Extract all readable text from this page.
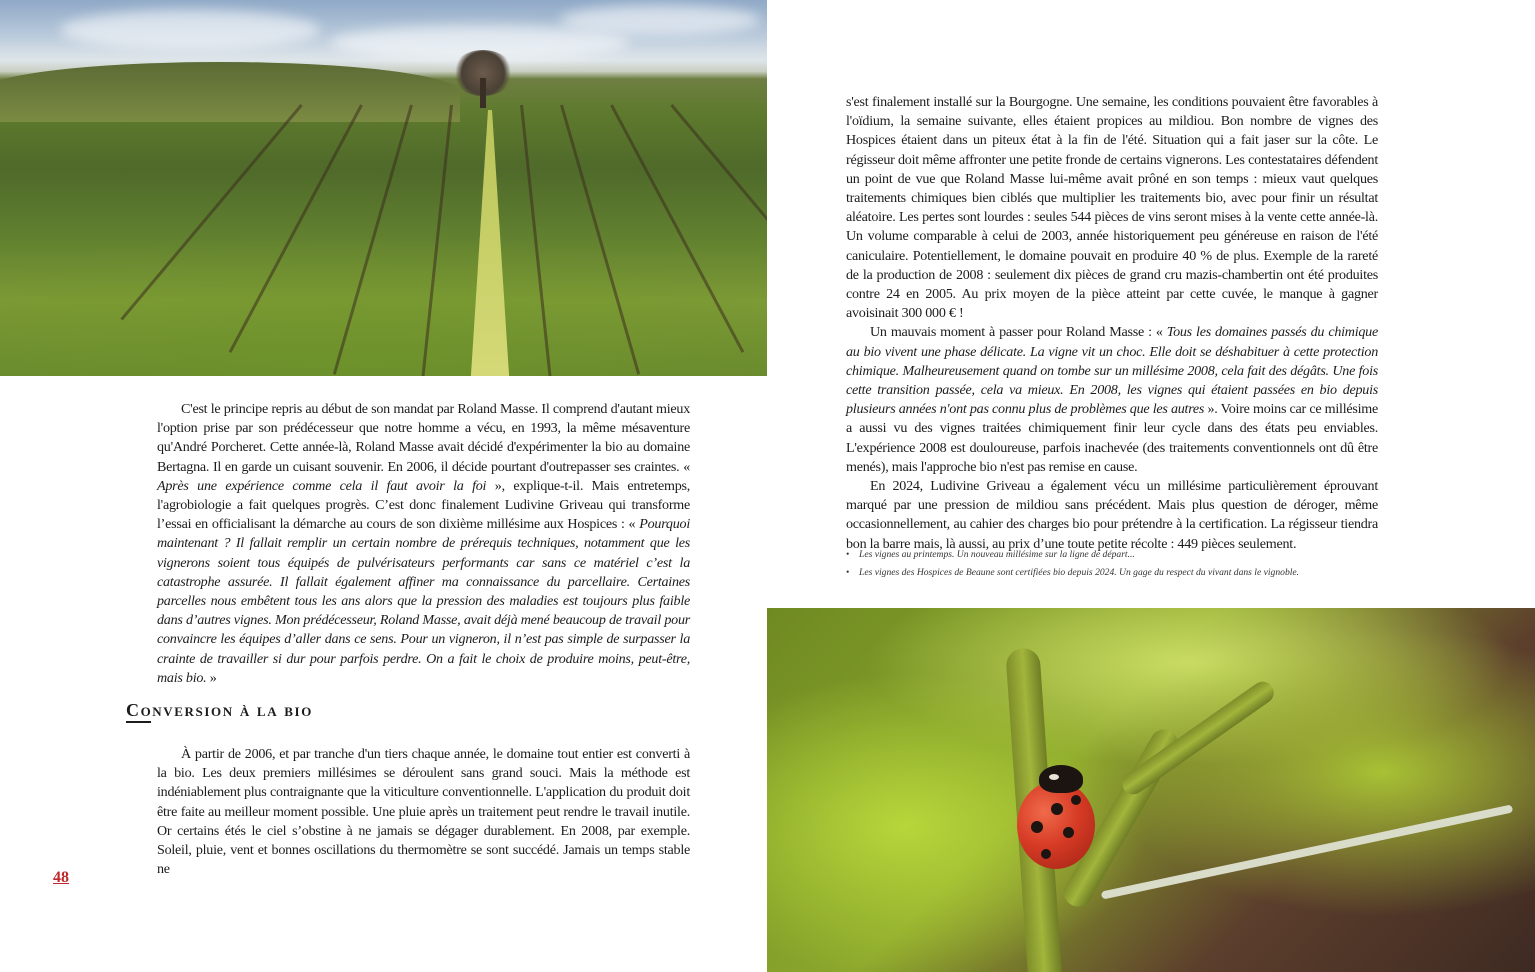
C'est le principe repris au début de son mandat par Roland Masse. Il comprend d'autant mieux l'option prise par son prédécesseur que notre homme a vécu, en 1993, la même mésaventure qu'André Porcheret. Cette année-là, Roland Masse avait décidé d'expérimenter la bio au domaine Bertagna. Il en garde un cuisant souvenir. En 2006, il décide pourtant d'outrepasser ses craintes. « Après une expérience comme cela il faut avoir la foi », explique-t-il. Mais entretemps, l'agrobiologie a fait quelques progrès. C’est donc finalement Ludivine Griveau qui transforme l’essai en officialisant la démarche au cours de son dixième millésime aux Hospices : « Pourquoi maintenant ? Il fallait remplir un certain nombre de prérequis techniques, notamment que les vignerons soient tous équipés de pulvérisateurs performants car sans ce matériel c’est la catastrophe assurée. Il fallait également affiner ma connaissance du parcellaire. Certaines parcelles nous embêtent tous les ans alors que la pression des maladies est toujours plus faible dans d’autres vignes. Mon prédécesseur, Roland Masse, avait déjà mené beaucoup de travail pour convaincre les équipes d’aller dans ce sens. Pour un vigneron, il n’est pas simple de surpasser la crainte de travailler si dur pour parfois perdre. On a fait le choix de produire moins, peut-être, mais bio. »

Conversion à la bio

À partir de 2006, et par tranche d'un tiers chaque année, le domaine tout entier est converti à la bio. Les deux premiers millésimes se déroulent sans grand souci. Mais la méthode est indéniablement plus contraignante que la viticulture conventionnelle. L'application du produit doit être faite au meilleur moment possible. Une pluie après un traitement peut rendre le travail inutile. Or certains étés le ciel s’obstine à ne jamais se dégager durablement. En 2008, par exemple. Soleil, pluie, vent et bonnes oscillations du thermomètre se sont succédé. Jamais un temps stable ne

48

s'est finalement installé sur la Bourgogne. Une semaine, les conditions pouvaient être favorables à l'oïdium, la semaine suivante, elles étaient propices au mildiou. Bon nombre de vignes des Hospices étaient dans un piteux état à la fin de l'été. Situation qui a fait jaser sur la côte. Le régisseur doit même affronter une petite fronde de certains vignerons. Les contestataires défendent un point de vue que Roland Masse lui-même avait prôné en son temps : mieux vaut quelques traitements chimiques bien ciblés que multiplier les traitements bio, avec pour finir un résultat aléatoire. Les pertes sont lourdes : seules 544 pièces de vins seront mises à la vente cette année-là. Un volume comparable à celui de 2003, année historiquement peu généreuse en raison de l'été caniculaire. Potentiellement, le domaine pouvait en produire 40 % de plus. Exemple de la rareté de la production de 2008 : seulement dix pièces de grand cru mazis-chambertin ont été produites contre 24 en 2005. Au prix moyen de la pièce atteint par cette cuvée, le manque à gagner avoisinait 300 000 € !

Un mauvais moment à passer pour Roland Masse : « Tous les domaines passés du chimique au bio vivent une phase délicate. La vigne vit un choc. Elle doit se déshabituer à cette protection chimique. Malheureusement quand on tombe sur un millésime 2008, cela fait des dégâts. Une fois cette transition passée, cela va mieux. En 2008, les vignes qui étaient passées en bio depuis plusieurs années n'ont pas connu plus de problèmes que les autres ». Voire moins car ce millésime a aussi vu des vignes traitées chimiquement finir leur cycle dans des états peu enviables. L'expérience 2008 est douloureuse, parfois inachevée (des traitements conventionnels ont dû être menés), mais l'approche bio n'est pas remise en cause.

En 2024, Ludivine Griveau a également vécu un millésime particulièrement éprouvant marqué par une pression de mildiou sans précédent. Mais plus question de déroger, même occasionnellement, au cahier des charges bio pour prétendre à la certification. La régisseur tiendra bon la barre mais, là aussi, au prix d’une toute petite récolte : 449 pièces seulement.

• Les vignes au printemps. Un nouveau millésime sur la ligne de départ...
• Les vignes des Hospices de Beaune sont certifiées bio depuis 2024. Un gage du respect du vivant dans le vignoble.
